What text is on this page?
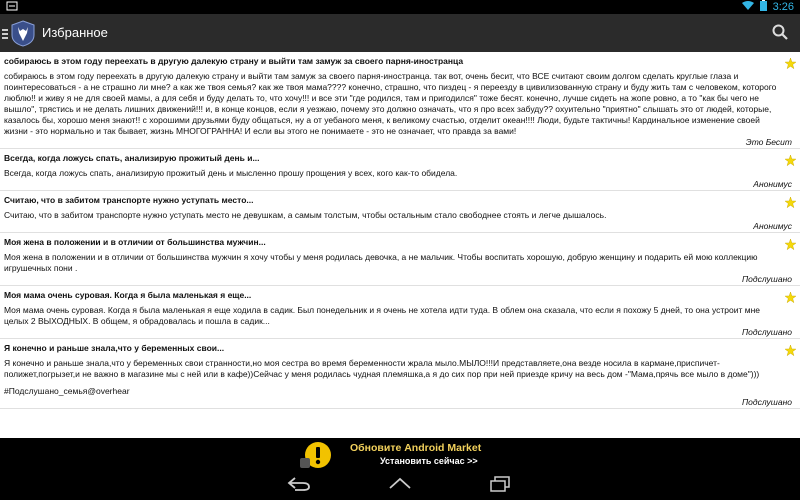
3:26
Избранное
собираюсь в этом году переехать в другую далекую страну и выйти там замуж за своего парня-иностранца
собираюсь в этом году переехать в другую далекую страну и выйти там замуж за своего парня-иностранца. так вот, очень бесит, что ВСЕ считают своим долгом сделать круглые глаза и поинтересоваться - а не страшно ли мне? а как же твоя семья? как же твоя мама???? конечно, страшно, что пиздец - я переезду в цивилизованную страну и буду жить там с человеком, которого люблю!! и живу я не для своей мамы, а для себя и буду делать то, что хочу!!! и все эти "где родился, там и пригодился" тоже бесят. конечно, лучше сидеть на жопе ровно, а то "как бы чего не вышло", трястись и не делать лишних движений!!! и, в конце концов, если я уезжаю, почему это должно означать, что я про всех забуду?? охуительно "приятно" слышать это от людей, которые, казалось бы, хорошо меня знают!! с хорошими друзьями буду общаться, ну а от уебаного меня, к великому счастью, отделит океан!!!! Люди, будьте тактичны! Кардинальное изменение своей жизни - это нормально и так бывает, жизнь МНОГОГРАННА! И если вы этого не понимаете - это не означает, что правда за вами!
Это Бесит
Всегда, когда ложусь спать, анализирую прожитый день и...
Всегда, когда ложусь спать, анализирую прожитый день и мысленно прошу прощения у всех, кого как-то обидела.
Анонимус
Считаю, что в забитом транспорте нужно уступать место...
Считаю, что в забитом транспорте нужно уступать место не девушкам, а самым толстым, чтобы остальным стало свободнее стоять и легче дышалось.
Анонимус
Моя жена в положении и в отличии от большинства мужчин...
Моя жена в положении и в отличии от большинства мужчин я хочу чтобы у меня родилась девочка, а не мальчик. Чтобы воспитать хорошую, добрую женщину и подарить ей мою коллекцию игрушечных пони .
Подслушано
Моя мама очень суровая. Когда я была маленькая я еще...
Моя мама очень суровая. Когда я была маленькая я еще ходила в садик. Был понедельник и я очень не хотела идти туда. В облем она сказала, что если я похожу 5 дней, то она устроит мне целых 2 ВЫХОДНЫХ. В общем, я обрадовалась и пошла в садик...
Подслушано
Я конечно и раньше знала,что у беременных свои...
Я конечно и раньше знала,что у беременных свои странности,но моя сестра во время беременности жрала мыло.МЫЛО!!!И представляете,она везде носила в кармане,приспичет-полижет,погрызет,и не важно в магазине мы с ней или в кафе))Сейчас у меня родилась чудная племяшка,а я до сих пор при ней приезде кричу на весь дом -"Мама,прячь все мыло в доме")))
#Подслушано_семья@overhear
Подслушано
Обновите Android Market
Установить сейчас >>
